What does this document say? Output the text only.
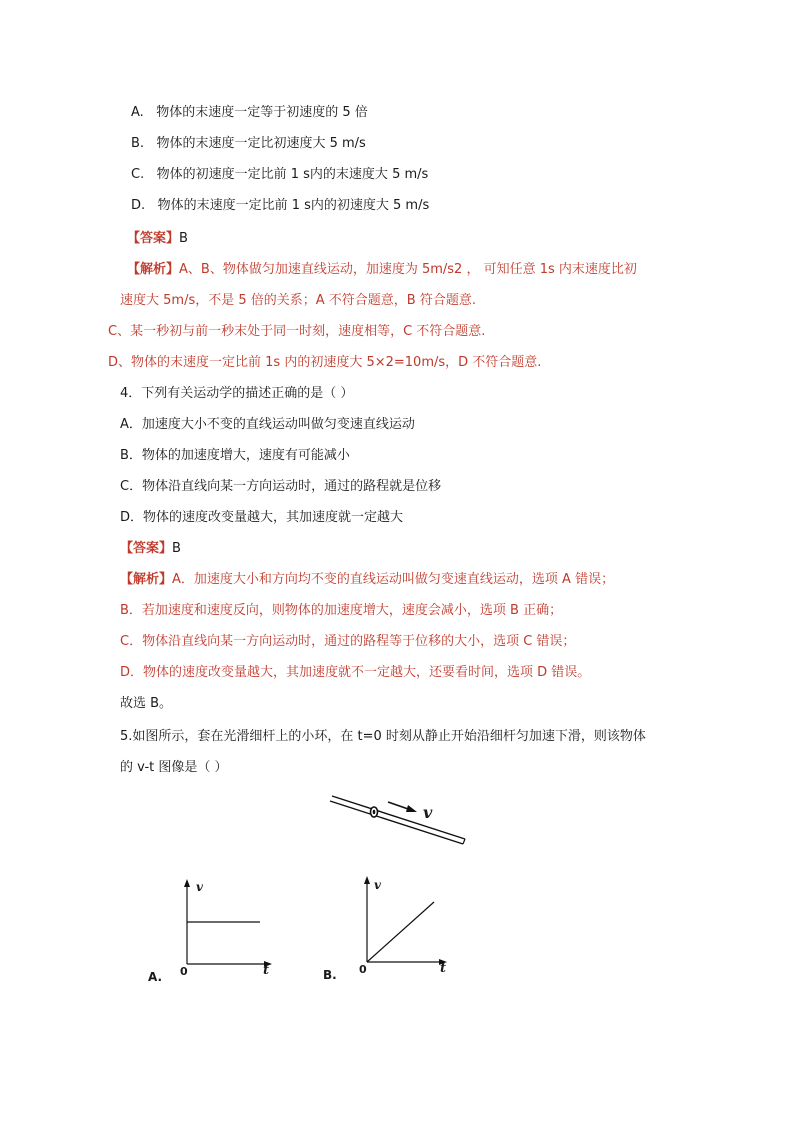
A. 物体的末速度一定等于初速度的 5 倍
B. 物体的末速度一定比初速度大 5 m/s
C. 物体的初速度一定比前 1 s内的末速度大 5 m/s
D. 物体的末速度一定比前 1 s内的初速度大 5 m/s
【答案】B
【解析】A、B、物体做匀加速直线运动，加速度为 5m/s2 ， 可知任意 1s 内末速度比初
速度大 5m/s，不是 5 倍的关系；A 不符合题意，B 符合题意.
C、某一秒初与前一秒末处于同一时刻，速度相等，C 不符合题意.
D、物体的末速度一定比前 1s 内的初速度大 5×2=10m/s，D 不符合题意.
4．下列有关运动学的描述正确的是（ ）
A．加速度大小不变的直线运动叫做匀变速直线运动
B．物体的加速度增大，速度有可能减小
C．物体沿直线向某一方向运动时，通过的路程就是位移
D．物体的速度改变量越大，其加速度就一定越大
【答案】B
【解析】A．加速度大小和方向均不变的直线运动叫做匀变速直线运动，选项 A 错误；
B．若加速度和速度反向，则物体的加速度增大，速度会减小，选项 B 正确；
C．物体沿直线向某一方向运动时，通过的路程等于位移的大小，选项 C 错误；
D．物体的速度改变量越大，其加速度就不一定越大，还要看时间，选项 D 错误。
故选 B。
5.如图所示，套在光滑细杆上的小环，在 t=0 时刻从静止开始沿细杆匀加速下滑，则该物体
的 v-t 图像是（ ）
v
v
t
0
A.
v
t
0
B.
